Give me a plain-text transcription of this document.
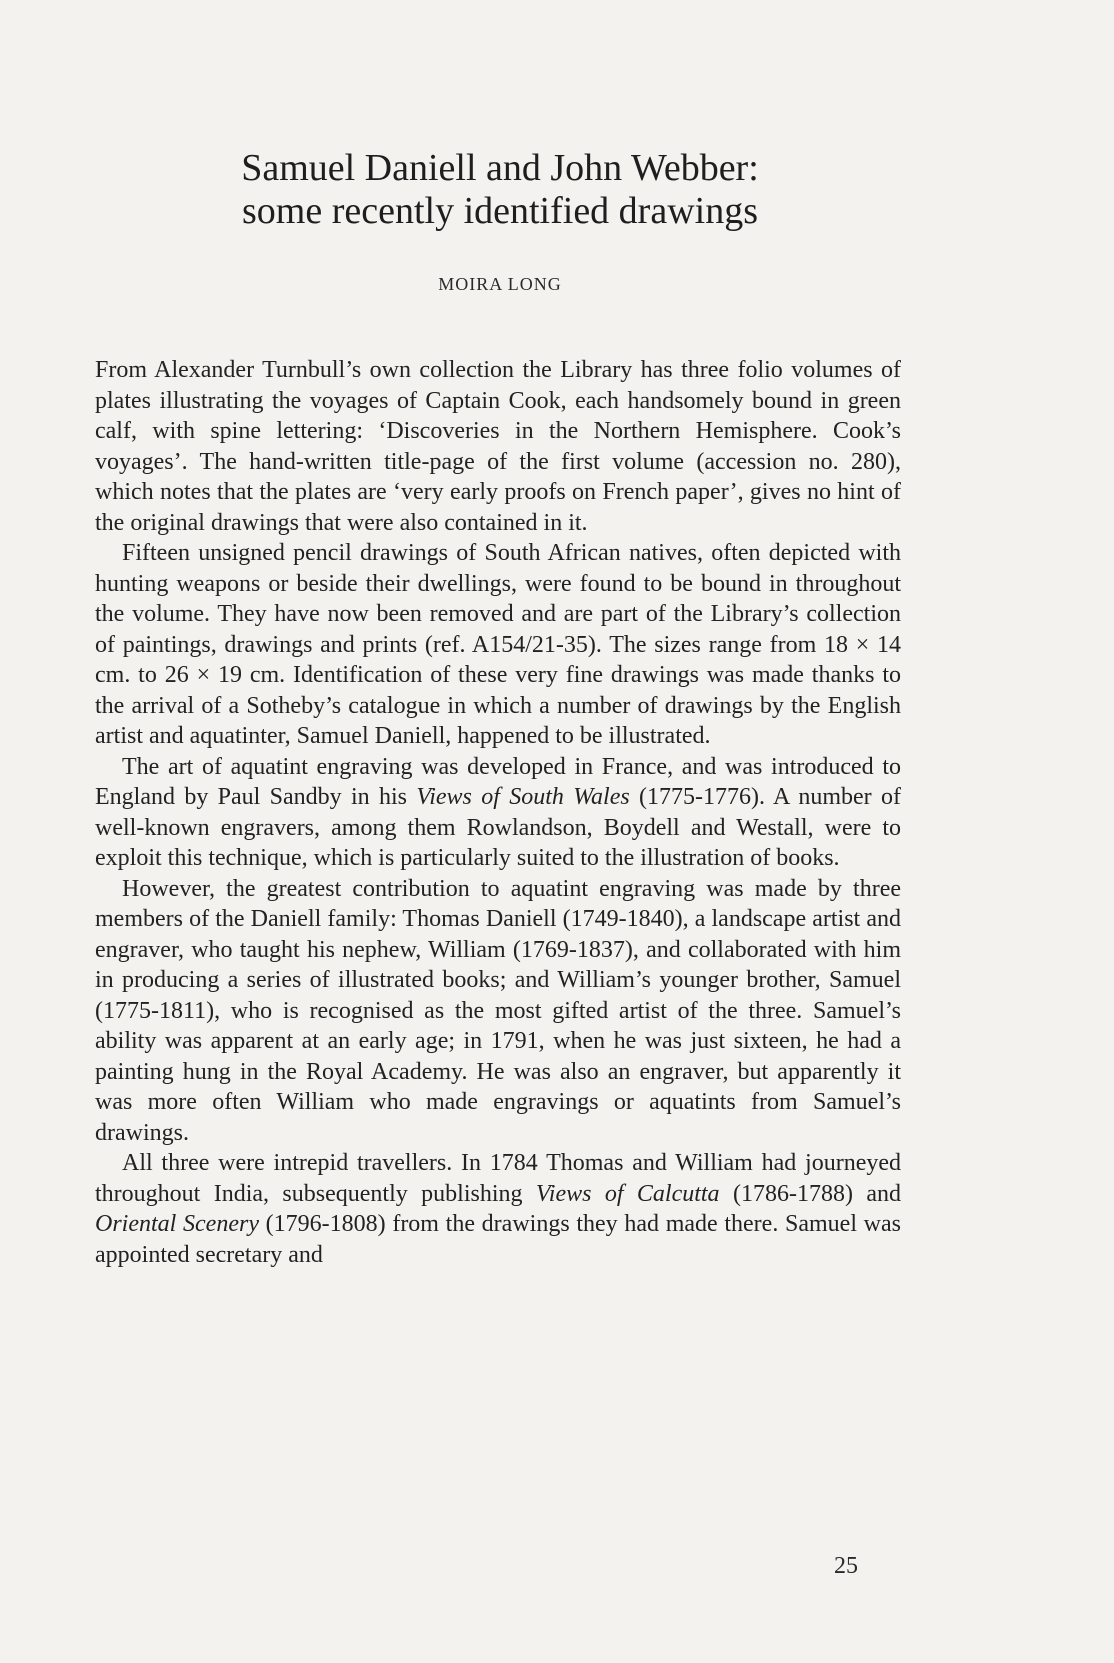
Samuel Daniell and John Webber:
some recently identified drawings
MOIRA LONG

From Alexander Turnbull’s own collection the Library has three folio volumes of plates illustrating the voyages of Captain Cook, each handsomely bound in green calf, with spine lettering: ‘Discoveries in the Northern Hemisphere. Cook’s voyages’. The hand-written title-page of the first volume (accession no. 280), which notes that the plates are ‘very early proofs on French paper’, gives no hint of the original drawings that were also contained in it.

Fifteen unsigned pencil drawings of South African natives, often depicted with hunting weapons or beside their dwellings, were found to be bound in throughout the volume. They have now been removed and are part of the Library’s collection of paintings, drawings and prints (ref. A154/21-35). The sizes range from 18 × 14 cm. to 26 × 19 cm. Identification of these very fine drawings was made thanks to the arrival of a Sotheby’s catalogue in which a number of drawings by the English artist and aquatinter, Samuel Daniell, happened to be illustrated.

The art of aquatint engraving was developed in France, and was introduced to England by Paul Sandby in his Views of South Wales (1775-1776). A number of well-known engravers, among them Rowlandson, Boydell and Westall, were to exploit this technique, which is particularly suited to the illustration of books.

However, the greatest contribution to aquatint engraving was made by three members of the Daniell family: Thomas Daniell (1749-1840), a landscape artist and engraver, who taught his nephew, William (1769-1837), and collaborated with him in producing a series of illustrated books; and William’s younger brother, Samuel (1775-1811), who is recognised as the most gifted artist of the three. Samuel’s ability was apparent at an early age; in 1791, when he was just sixteen, he had a painting hung in the Royal Academy. He was also an engraver, but apparently it was more often William who made engravings or aquatints from Samuel’s drawings.

All three were intrepid travellers. In 1784 Thomas and William had journeyed throughout India, subsequently publishing Views of Calcutta (1786-1788) and Oriental Scenery (1796-1808) from the drawings they had made there. Samuel was appointed secretary and

25
